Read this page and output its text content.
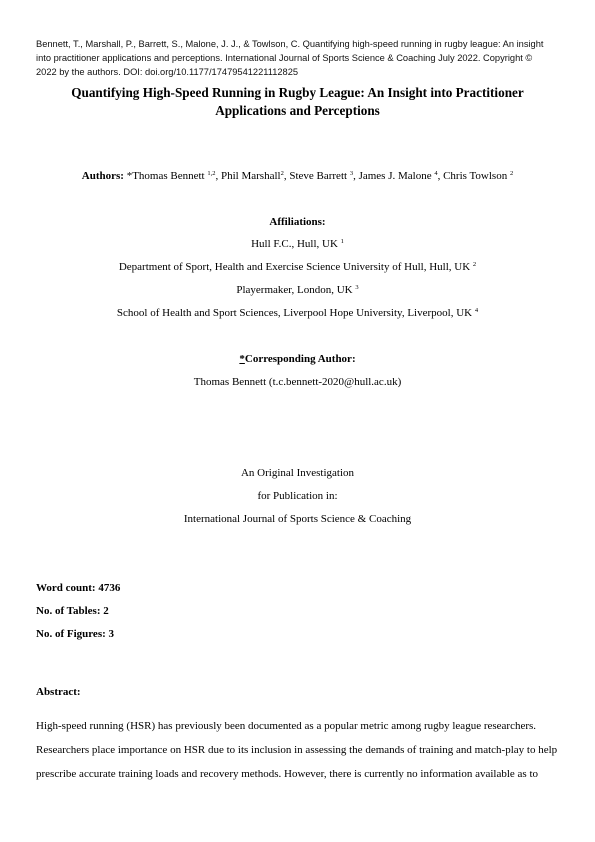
Bennett, T., Marshall, P., Barrett, S., Malone, J. J., & Towlson, C. Quantifying high-speed running in rugby league: An insight
into practitioner applications and perceptions. International Journal of Sports Science & Coaching July 2022. Copyright ©
2022 by the authors. DOI: doi.org/10.1177/17479541221112825
Quantifying High-Speed Running in Rugby League: An Insight into Practitioner
Applications and Perceptions
Authors: *Thomas Bennett $^{1,2}$, Phil Marshall$^2$, Steve Barrett $^3$, James J. Malone $^4$, Chris Towlson $^2$
Affiliations:
Hull F.C., Hull, UK $^1$
Department of Sport, Health and Exercise Science University of Hull, Hull, UK $^2$
Playermaker, London, UK $^3$
School of Health and Sport Sciences, Liverpool Hope University, Liverpool, UK $^4$
*Corresponding Author:
Thomas Bennett (t.c.bennett-2020@hull.ac.uk)
An Original Investigation
for Publication in:
International Journal of Sports Science & Coaching
Word count: 4736
No. of Tables: 2
No. of Figures: 3
Abstract:
High-speed running (HSR) has previously been documented as a popular metric among rugby league researchers.
Researchers place importance on HSR due to its inclusion in assessing the demands of training and match-play to help
prescribe accurate training loads and recovery methods. However, there is currently no information available as to
